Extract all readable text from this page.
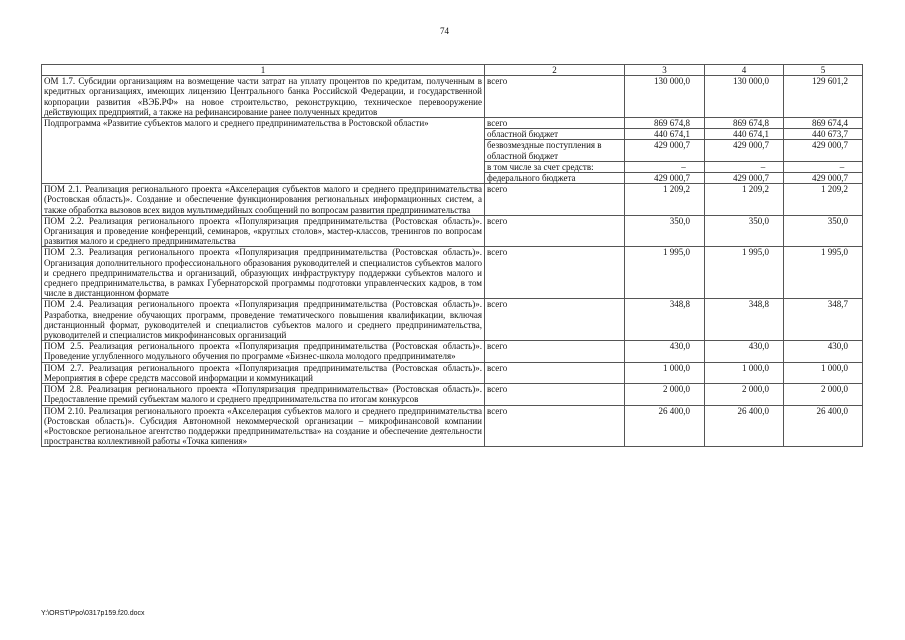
74
1	2	3	4	5
ОМ 1.7. Субсидии организациям на возмещение части затрат на уплату процентов по кредитам, полученным в кредитных организациях, имеющих лицензию Центрального банка Российской Федерации, и государственной корпорации развития «ВЭБ.РФ» на новое строительство, реконструкцию, техническое перевооружение действующих предприятий, а также на рефинансирование ранее полученных кредитов	всего	130 000,0	130 000,0	129 601,2
Подпрограмма «Развитие субъектов малого и среднего предпринимательства в Ростовской области»	всего	869 674,8	869 674,8	869 674,4
	областной бюджет	440 674,1	440 674,1	440 673,7
	безвозмездные поступления в областной бюджет	429 000,7	429 000,7	429 000,7
	в том числе за счет средств:	–	–	–
	федерального бюджета	429 000,7	429 000,7	429 000,7
ПОМ 2.1. Реализация регионального проекта «Акселерация субъектов малого и среднего предпринимательства (Ростовская область)». Создание и обеспечение функционирования региональных информационных систем, а также обработка вызовов всех видов мультимедийных сообщений по вопросам развития предпринимательства	всего	1 209,2	1 209,2	1 209,2
ПОМ 2.2. Реализация регионального проекта «Популяризация предпринимательства (Ростовская область)». Организация и проведение конференций, семинаров, «круглых столов», мастер-классов, тренингов по вопросам развития малого и среднего предпринимательства	всего	350,0	350,0	350,0
ПОМ 2.3. Реализация регионального проекта «Популяризация предпринимательства (Ростовская область)». Организация дополнительного профессионального образования руководителей и специалистов субъектов малого и среднего предпринимательства и организаций, образующих инфраструктуру поддержки субъектов малого и среднего предпринимательства, в рамках Губернаторской программы подготовки управленческих кадров, в том числе в дистанционном формате	всего	1 995,0	1 995,0	1 995,0
ПОМ 2.4. Реализация регионального проекта «Популяризация предпринимательства (Ростовская область)». Разработка, внедрение обучающих программ, проведение тематического повышения квалификации, включая дистанционный формат, руководителей и специалистов субъектов малого и среднего предпринимательства, руководителей и специалистов микрофинансовых организаций	всего	348,8	348,8	348,7
ПОМ 2.5. Реализация регионального проекта «Популяризация предпринимательства (Ростовская область)». Проведение углубленного модульного обучения по программе «Бизнес-школа молодого предпринимателя»	всего	430,0	430,0	430,0
ПОМ 2.7. Реализация регионального проекта «Популяризация предпринимательства (Ростовская область)». Мероприятия в сфере средств массовой информации и коммуникаций	всего	1 000,0	1 000,0	1 000,0
ПОМ 2.8. Реализация регионального проекта «Популяризация предпринимательства» (Ростовская область)». Предоставление премий субъектам малого и среднего предпринимательства по итогам конкурсов	всего	2 000,0	2 000,0	2 000,0
ПОМ 2.10. Реализация регионального проекта «Акселерация субъектов малого и среднего предпринимательства (Ростовская область)». Субсидия Автономной некоммерческой организации – микрофинансовой компании «Ростовское региональное агентство поддержки предпринимательства» на создание и обеспечение деятельности пространства коллективной работы «Точка кипения»	всего	26 400,0	26 400,0	26 400,0
Y:\ORST\Ppo\0317p159.f20.docx
